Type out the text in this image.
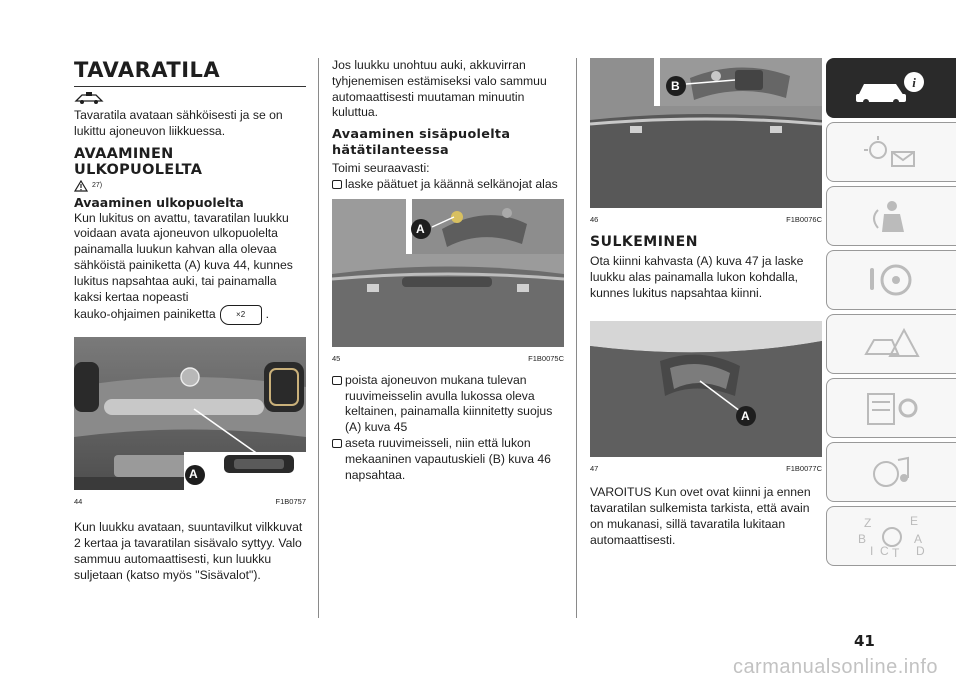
TAVARATILA

Tavaratila avataan sähköisesti ja se on lukittu ajoneuvon liikkuessa.

AVAAMINEN ULKOPUOLELTA
27)
Avaaminen ulkopuolelta

Kun lukitus on avattu, tavaratilan luukku voidaan avata ajoneuvon ulkopuolelta painamalla luukun kahvan alla olevaa sähköistä painiketta (A) kuva 44, kunnes lukitus napsahtaa auki, tai painamalla kaksi kertaa nopeasti

kauko-ohjaimen painiketta	×2 .

A
44	F1B0757

Kun luukku avataan, suuntavilkut vilkkuvat 2 kertaa ja tavaratilan sisävalo syttyy. Valo sammuu automaattisesti, kun luukku suljetaan (katso myös "Sisävalot").

Jos luukku unohtuu auki, akkuvirran tyhjenemisen estämiseksi valo sammuu automaattisesti muutaman minuutin kuluttua.

Avaaminen sisäpuolelta hätätilanteessa

Toimi seuraavasti:

laske päätuet ja käännä selkänojat alas

A
45	F1B0075C

poista ajoneuvon mukana tulevan ruuvimeisselin avulla lukossa oleva keltainen, painamalla kiinnitetty suojus (A) kuva 45

aseta ruuvimeisseli, niin että lukon mekaaninen vapautuskieli (B) kuva 46 napsahtaa.

B
46	F1B0076C
SULKEMINEN

Ota kiinni kahvasta (A) kuva 47 ja laske luukku alas painamalla lukon kohdalla, kunnes lukitus napsahtaa kiinni.

A
47	F1B0077C

VAROITUS Kun ovet ovat kiinni ja ennen tavaratilan sulkemista tarkista, että avain on mukanasi, sillä tavaratila lukitaan automaattisesti.

i
Z	E
B	A
I C T D
41
carmanualsonline.info
